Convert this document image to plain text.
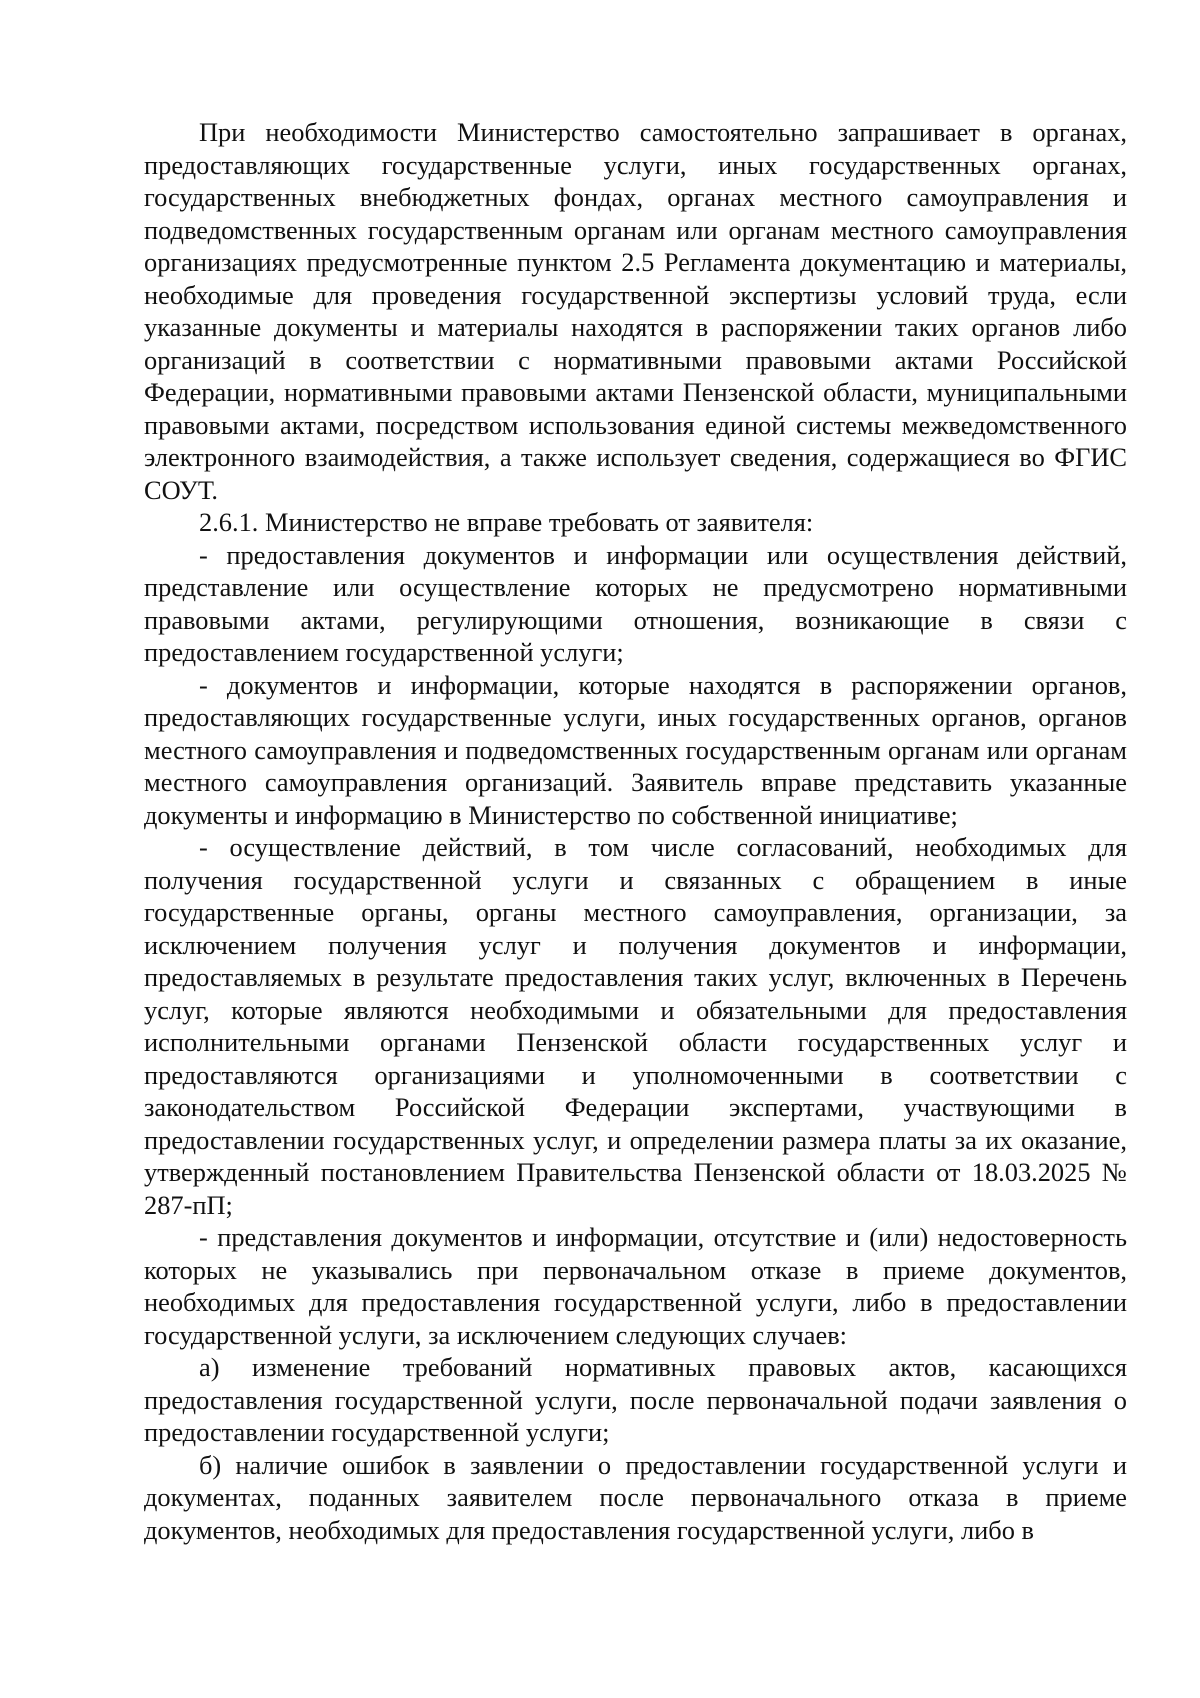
При необходимости Министерство самостоятельно запрашивает в органах, предоставляющих государственные услуги, иных государственных органах, государственных внебюджетных фондах, органах местного самоуправления и подведомственных государственным органам или органам местного самоуправления организациях предусмотренные пунктом 2.5 Регламента документацию и материалы, необходимые для проведения государственной экспертизы условий труда, если указанные документы и материалы находятся в распоряжении таких органов либо организаций в соответствии с нормативными правовыми актами Российской Федерации, нормативными правовыми актами Пензенской области, муниципальными правовыми актами, посредством использования единой системы межведомственного электронного взаимодействия, а также использует сведения, содержащиеся во ФГИС СОУТ.

2.6.1. Министерство не вправе требовать от заявителя:

- предоставления документов и информации или осуществления действий, представление или осуществление которых не предусмотрено нормативными правовыми актами, регулирующими отношения, возникающие в связи с предоставлением государственной услуги;

- документов и информации, которые находятся в распоряжении органов, предоставляющих государственные услуги, иных государственных органов, органов местного самоуправления и подведомственных государственным органам или органам местного самоуправления организаций. Заявитель вправе представить указанные документы и информацию в Министерство по собственной инициативе;

- осуществление действий, в том числе согласований, необходимых для получения государственной услуги и связанных с обращением в иные государственные органы, органы местного самоуправления, организации, за исключением получения услуг и получения документов и информации, предоставляемых в результате предоставления таких услуг, включенных в Перечень услуг, которые являются необходимыми и обязательными для предоставления исполнительными органами Пензенской области государственных услуг и предоставляются организациями и уполномоченными в соответствии с законодательством Российской Федерации экспертами, участвующими в предоставлении государственных услуг, и определении размера платы за их оказание, утвержденный постановлением Правительства Пензенской области от 18.03.2025 № 287-пП;

- представления документов и информации, отсутствие и (или) недостоверность которых не указывались при первоначальном отказе в приеме документов, необходимых для предоставления государственной услуги, либо в предоставлении государственной услуги, за исключением следующих случаев:

а) изменение требований нормативных правовых актов, касающихся предоставления государственной услуги, после первоначальной подачи заявления о предоставлении государственной услуги;

б) наличие ошибок в заявлении о предоставлении государственной услуги и документах, поданных заявителем после первоначального отказа в приеме документов, необходимых для предоставления государственной услуги, либо в
